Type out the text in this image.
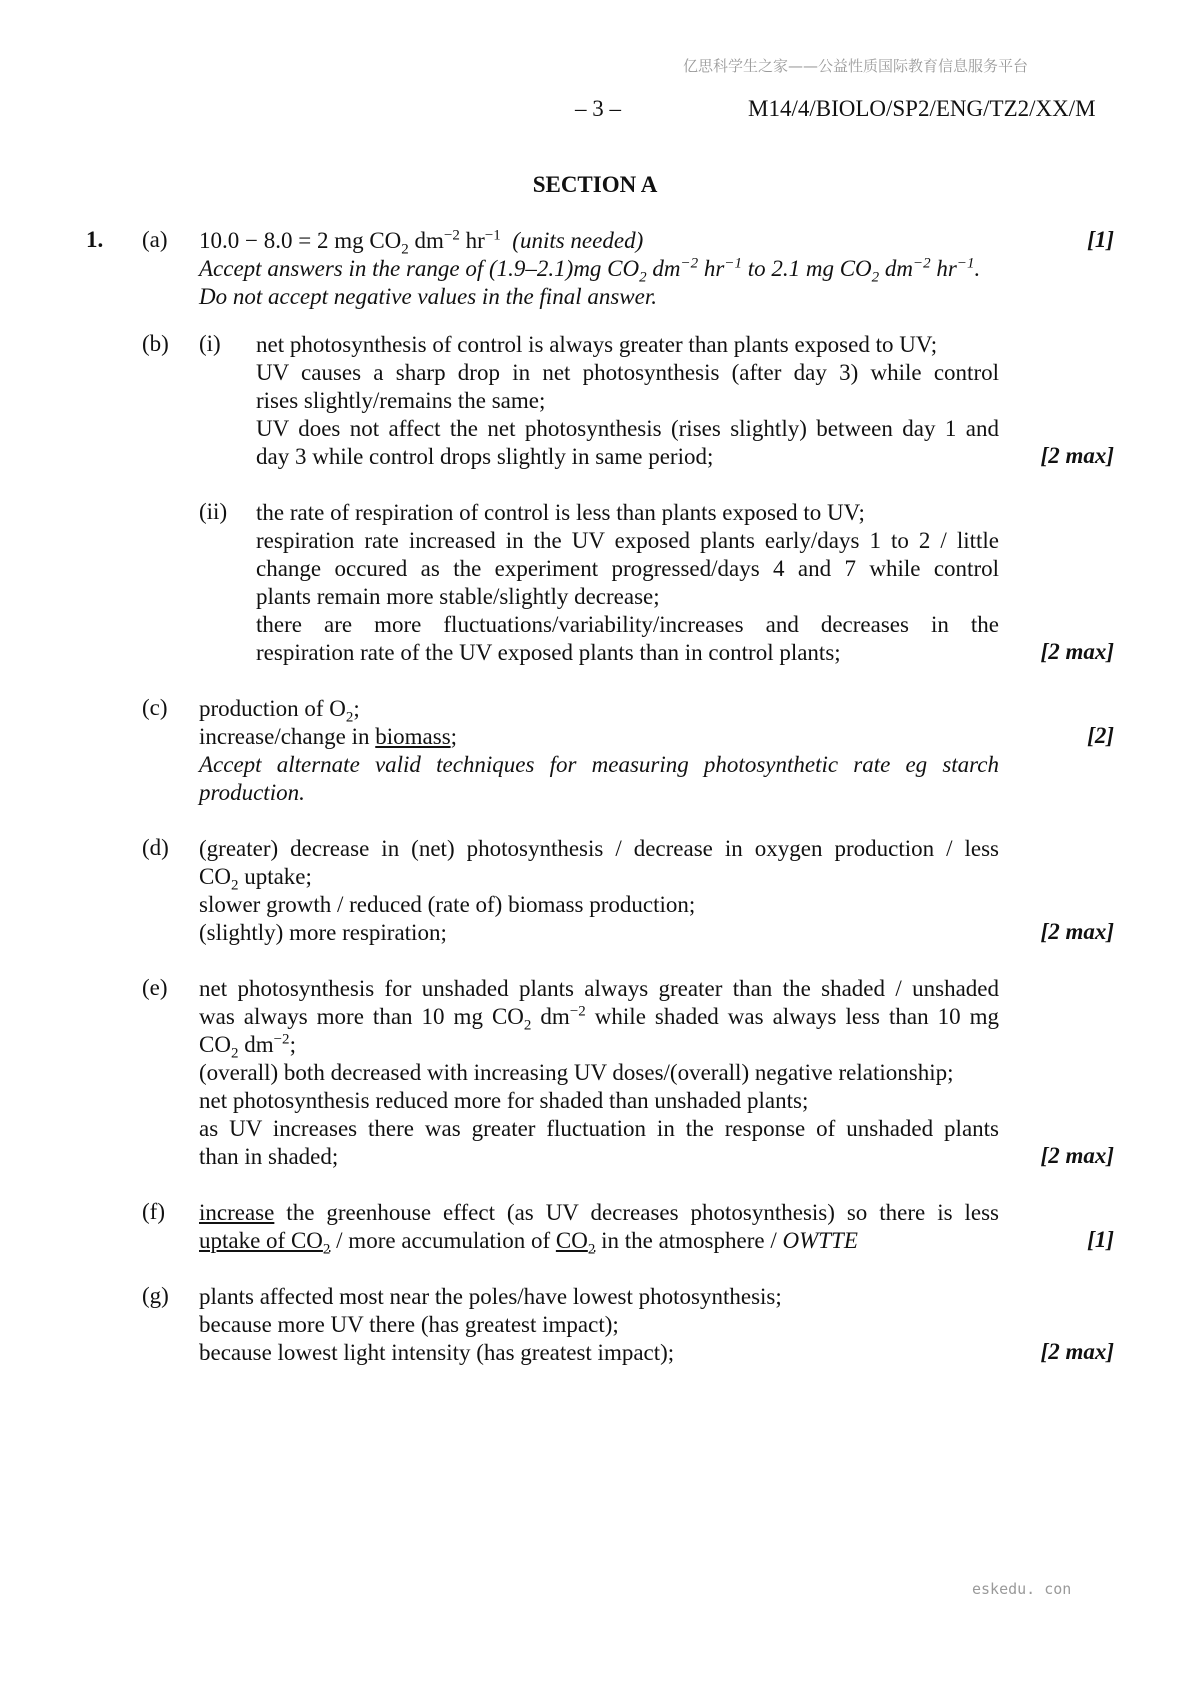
亿思科学生之家——公益性质国际教育信息服务平台
– 3 –	M14/4/BIOLO/SP2/ENG/TZ2/XX/M
SECTION A
1. (a) 10.0 − 8.0 = 2 mg $CO_2$ $dm^{-2}$ $hr^{-1}$ (units needed)
Accept answers in the range of (1.9–2.1)mg $CO_2$ $dm^{-2}$ $hr^{-1}$ to 2.1 mg $CO_2$ $dm^{-2}$ $hr^{-1}$.
Do not accept negative values in the final answer.
[1]
(b) (i) net photosynthesis of control is always greater than plants exposed to UV;
UV causes a sharp drop in net photosynthesis (after day 3) while control
rises slightly/remains the same;
UV does not affect the net photosynthesis (rises slightly) between day 1 and
day 3 while control drops slightly in same period;	[2 max]
(ii) the rate of respiration of control is less than plants exposed to UV;
respiration rate increased in the UV exposed plants early/days 1 to 2 / little
change occured as the experiment progressed/days 4 and 7 while control
plants remain more stable/slightly decrease;
there are more fluctuations/variability/increases and decreases in the
respiration rate of the UV exposed plants than in control plants;	[2 max]
(c) production of $O_2$;
increase/change in biomass;
Accept alternate valid techniques for measuring photosynthetic rate eg starch
production.
[2]
(d) (greater) decrease in (net) photosynthesis / decrease in oxygen production / less
$CO_2$ uptake;
slower growth / reduced (rate of) biomass production;
(slightly) more respiration;	[2 max]
(e) net photosynthesis for unshaded plants always greater than the shaded / unshaded
was always more than 10 mg $CO_2$ $dm^{-2}$ while shaded was always less than 10 mg
$CO_2$ $dm^{-2}$;
(overall) both decreased with increasing UV doses/(overall) negative relationship;
net photosynthesis reduced more for shaded than unshaded plants;
as UV increases there was greater fluctuation in the response of unshaded plants
than in shaded;	[2 max]
(f) increase the greenhouse effect (as UV decreases photosynthesis) so there is less
uptake of $CO_2$ / more accumulation of $CO_2$ in the atmosphere / OWTTE	[1]
(g) plants affected most near the poles/have lowest photosynthesis;
because more UV there (has greatest impact);
because lowest light intensity (has greatest impact);	[2 max]
eskedu. con
